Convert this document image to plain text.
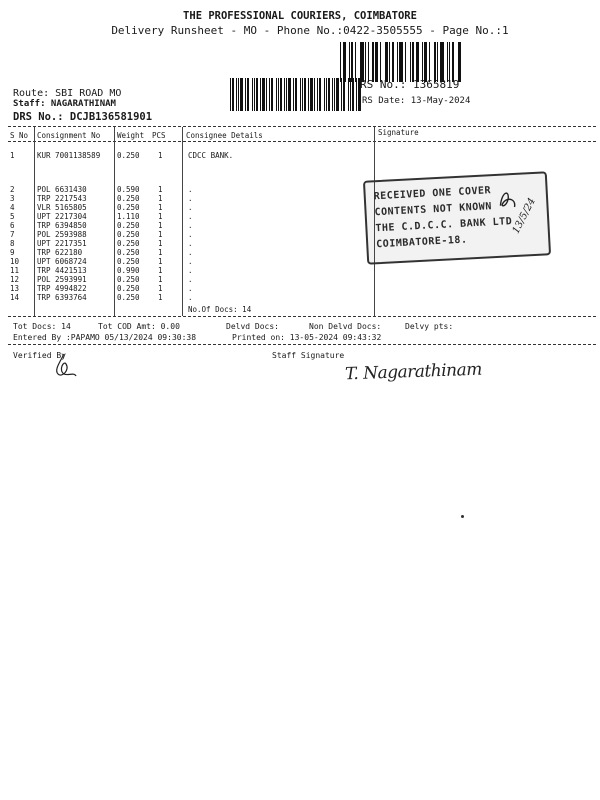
THE PROFESSIONAL COURIERS, COIMBATORE
Delivery Runsheet - MO - Phone No.:0422-3505555 - Page No.:1
RS No.: 1365819
RS Date: 13-May-2024
Route: SBI ROAD MO
Staff: NAGARATHINAM
DRS No.: DCJB136581901
S No Consignment No Weight PCS	Consignee Details	Signature
1	KUR 7001138589 0.250 1	CDCC BANK.
2	POL 6631430	0.590 1	.
3	TRP 2217543	0.250 1	.
4	VLR 5165805	0.250 1	.
5	UPT 2217304	1.110 1	.
6	TRP 6394850	0.250 1	.
7	POL 2593988	0.250 1	.
8	UPT 2217351	0.250 1	.
9	TRP 622180	0.250 1	.
10 UPT 6068724	0.250 1	.
11 TRP 4421513	0.990 1	.
12 POL 2593991	0.250 1	.
13 TRP 4994822	0.250 1	.
14 TRP 6393764	0.250 1	.
No.Of Docs: 14
RECEIVED ONE COVER
CONTENTS NOT KNOWN
THE C.D.C.C. BANK LTD
COIMBATORE-18.
13/5/24
Tot Docs: 14	Tot COD Amt: 0.00	Delvd Docs:	Non Delvd Docs:	Delvy pts:
Entered By :PAPAMO 05/13/2024 09:30:38	Printed on: 13-05-2024 09:43:32
Verified By	Staff Signature
T. Nagarathinam
